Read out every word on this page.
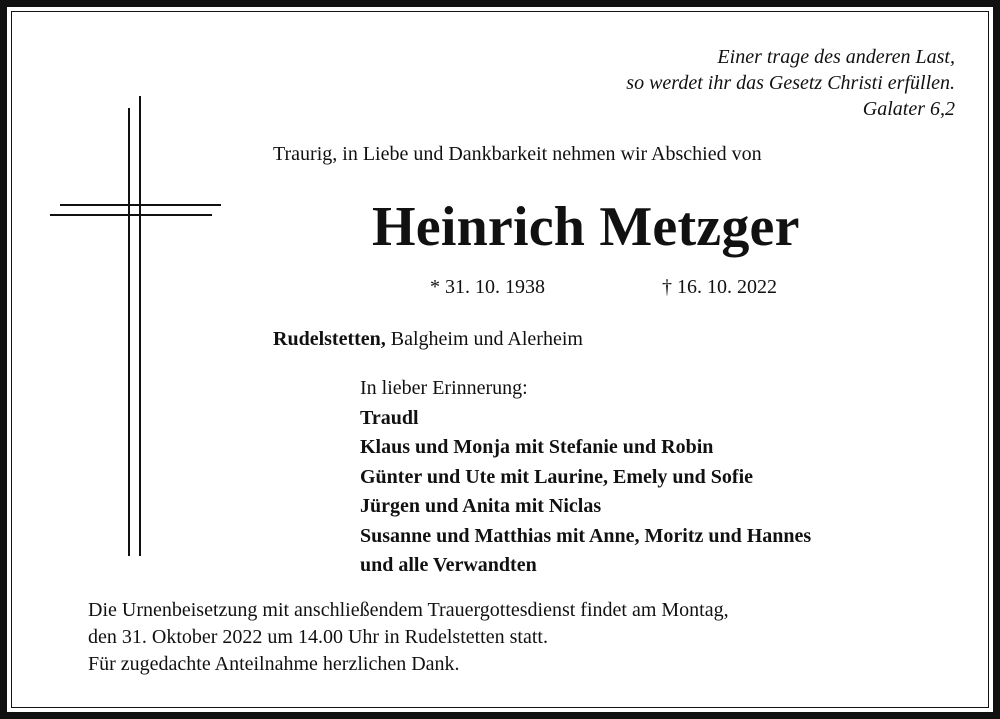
Einer trage des anderen Last,
so werdet ihr das Gesetz Christi erfüllen.
Galater 6,2
Traurig, in Liebe und Dankbarkeit nehmen wir Abschied von
Heinrich Metzger
* 31. 10. 1938	† 16. 10. 2022
Rudelstetten, Balgheim und Alerheim
In lieber Erinnerung:
Traudl
Klaus und Monja mit Stefanie und Robin
Günter und Ute mit Laurine, Emely und Sofie
Jürgen und Anita mit Niclas
Susanne und Matthias mit Anne, Moritz und Hannes
und alle Verwandten
Die Urnenbeisetzung mit anschließendem Trauergottesdienst findet am Montag,
den 31. Oktober 2022 um 14.00 Uhr in Rudelstetten statt.
Für zugedachte Anteilnahme herzlichen Dank.
